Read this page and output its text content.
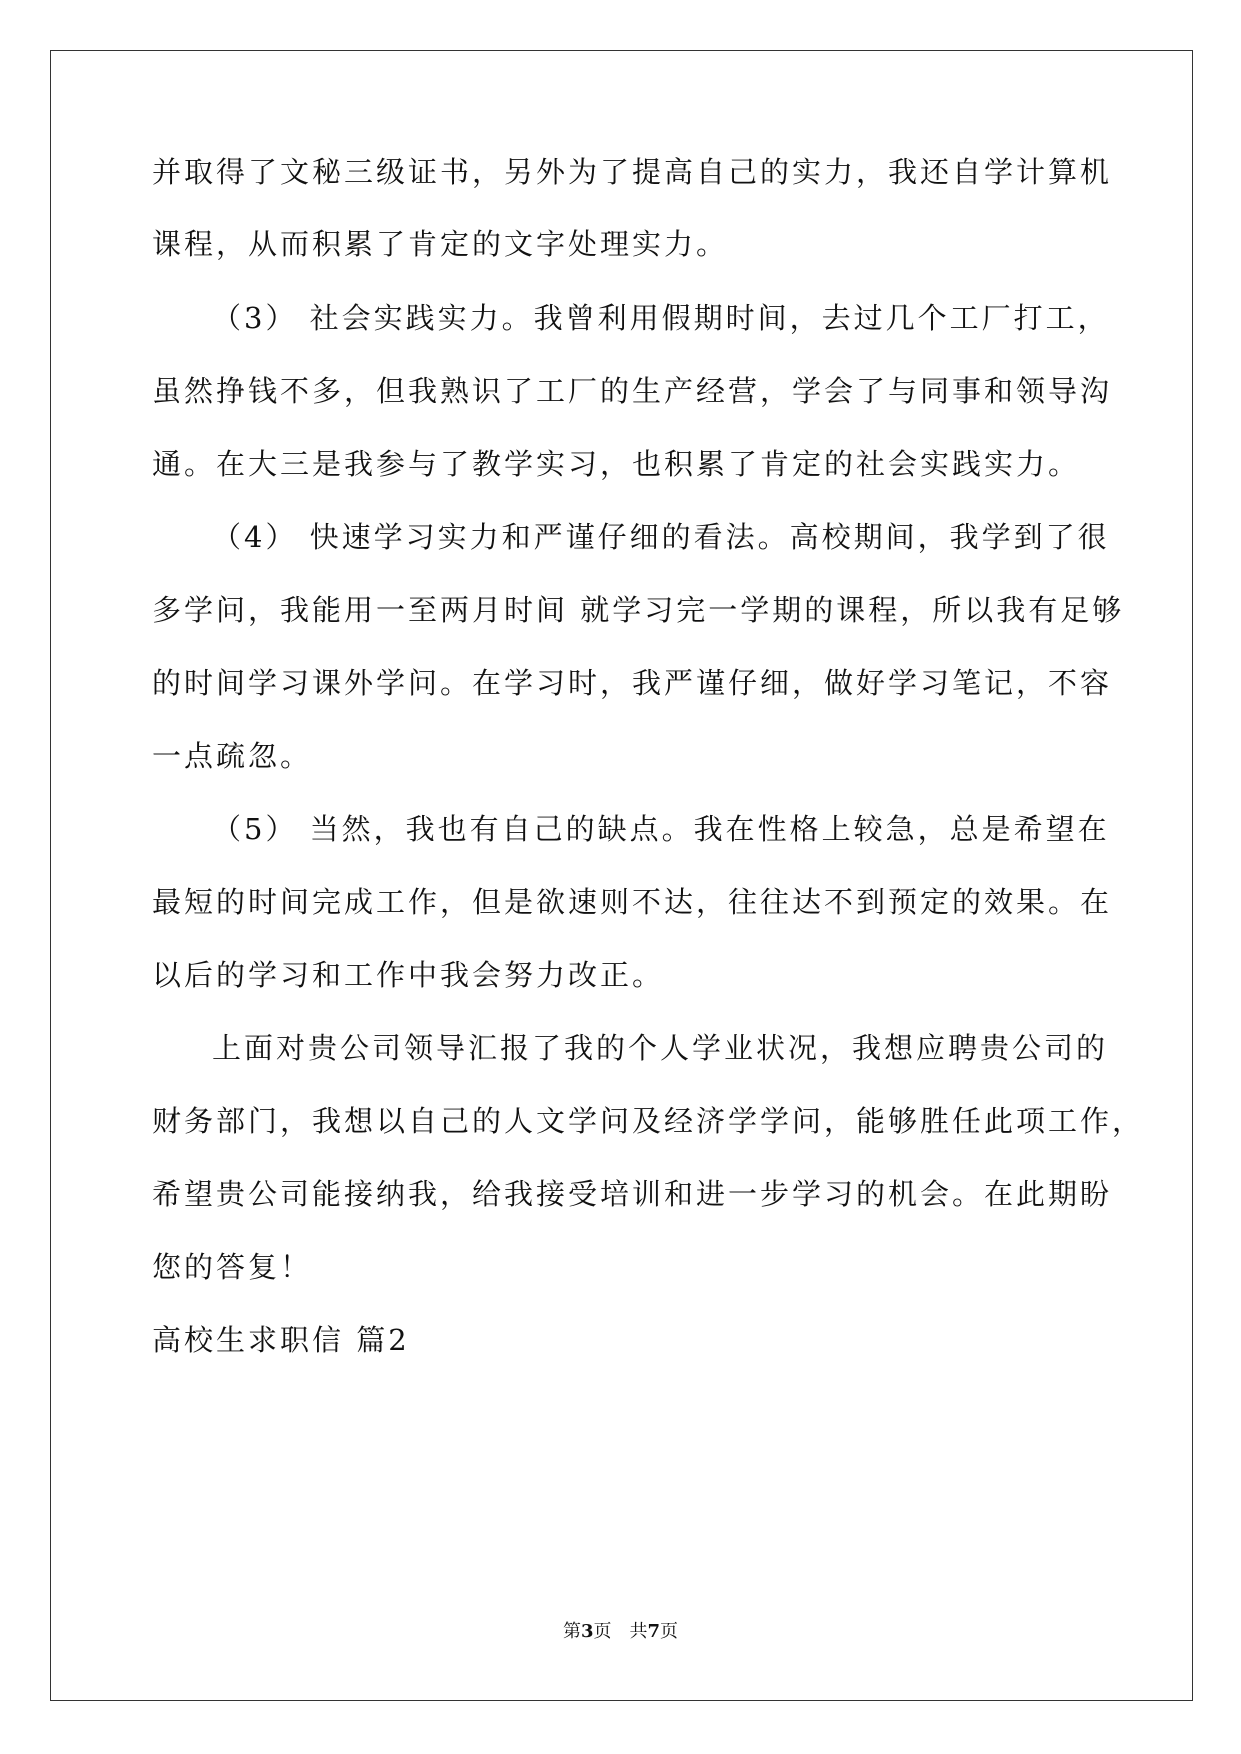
并取得了文秘三级证书，另外为了提高自己的实力，我还自学计算机
课程，从而积累了肯定的文字处理实力。
（3） 社会实践实力。我曾利用假期时间，去过几个工厂打工，
虽然挣钱不多，但我熟识了工厂的生产经营，学会了与同事和领导沟
通。在大三是我参与了教学实习，也积累了肯定的社会实践实力。
（4） 快速学习实力和严谨仔细的看法。高校期间，我学到了很
多学问，我能用一至两月时间 就学习完一学期的课程，所以我有足够
的时间学习课外学问。在学习时，我严谨仔细，做好学习笔记，不容
一点疏忽。
（5） 当然，我也有自己的缺点。我在性格上较急，总是希望在
最短的时间完成工作，但是欲速则不达，往往达不到预定的效果。在
以后的学习和工作中我会努力改正。
上面对贵公司领导汇报了我的个人学业状况，我想应聘贵公司的
财务部门，我想以自己的人文学问及经济学学问，能够胜任此项工作，
希望贵公司能接纳我，给我接受培训和进一步学习的机会。在此期盼
您的答复！
高校生求职信 篇2
第3页　共7页
